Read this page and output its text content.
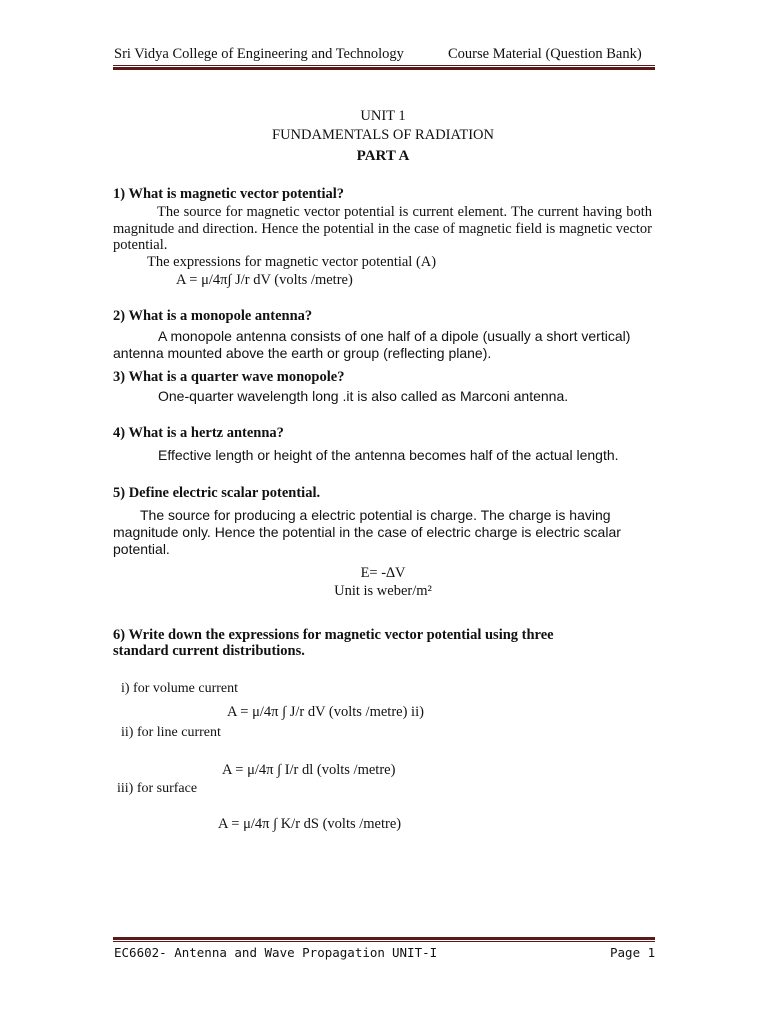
Sri Vidya College of Engineering and Technology	Course Material (Question Bank)
UNIT 1
FUNDAMENTALS OF RADIATION
PART A
1) What is magnetic vector potential?
The source for magnetic vector potential is current element. The current having both magnitude and direction. Hence the potential in the case of magnetic field is magnetic vector potential.
The expressions for magnetic vector potential (A)
A = μ/4π∫ J/r dV (volts /metre)
2) What is a monopole antenna?
A monopole antenna consists of one half of a dipole (usually a short vertical)
antenna mounted above the earth or group (reflecting plane).
3) What is a quarter wave monopole?
One-quarter wavelength long .it is also called as Marconi antenna.
4) What is a hertz antenna?
Effective length or height of the antenna becomes half of the actual length.
5) Define electric scalar potential.
The source for producing a electric potential is charge. The charge is having
magnitude only. Hence the potential in the case of electric charge is electric scalar
potential.
E= -∆V
Unit is weber/m²
6) Write down the expressions for magnetic vector potential using three
standard current distributions.
i) for volume current
A = μ/4π ∫ J/r dV (volts /metre) ii)
ii) for line current
A = μ/4π ∫ I/r dl (volts /metre)
iii) for surface
A = μ/4π ∫ K/r dS (volts /metre)
EC6602- Antenna and Wave Propagation UNIT-I	Page 1
